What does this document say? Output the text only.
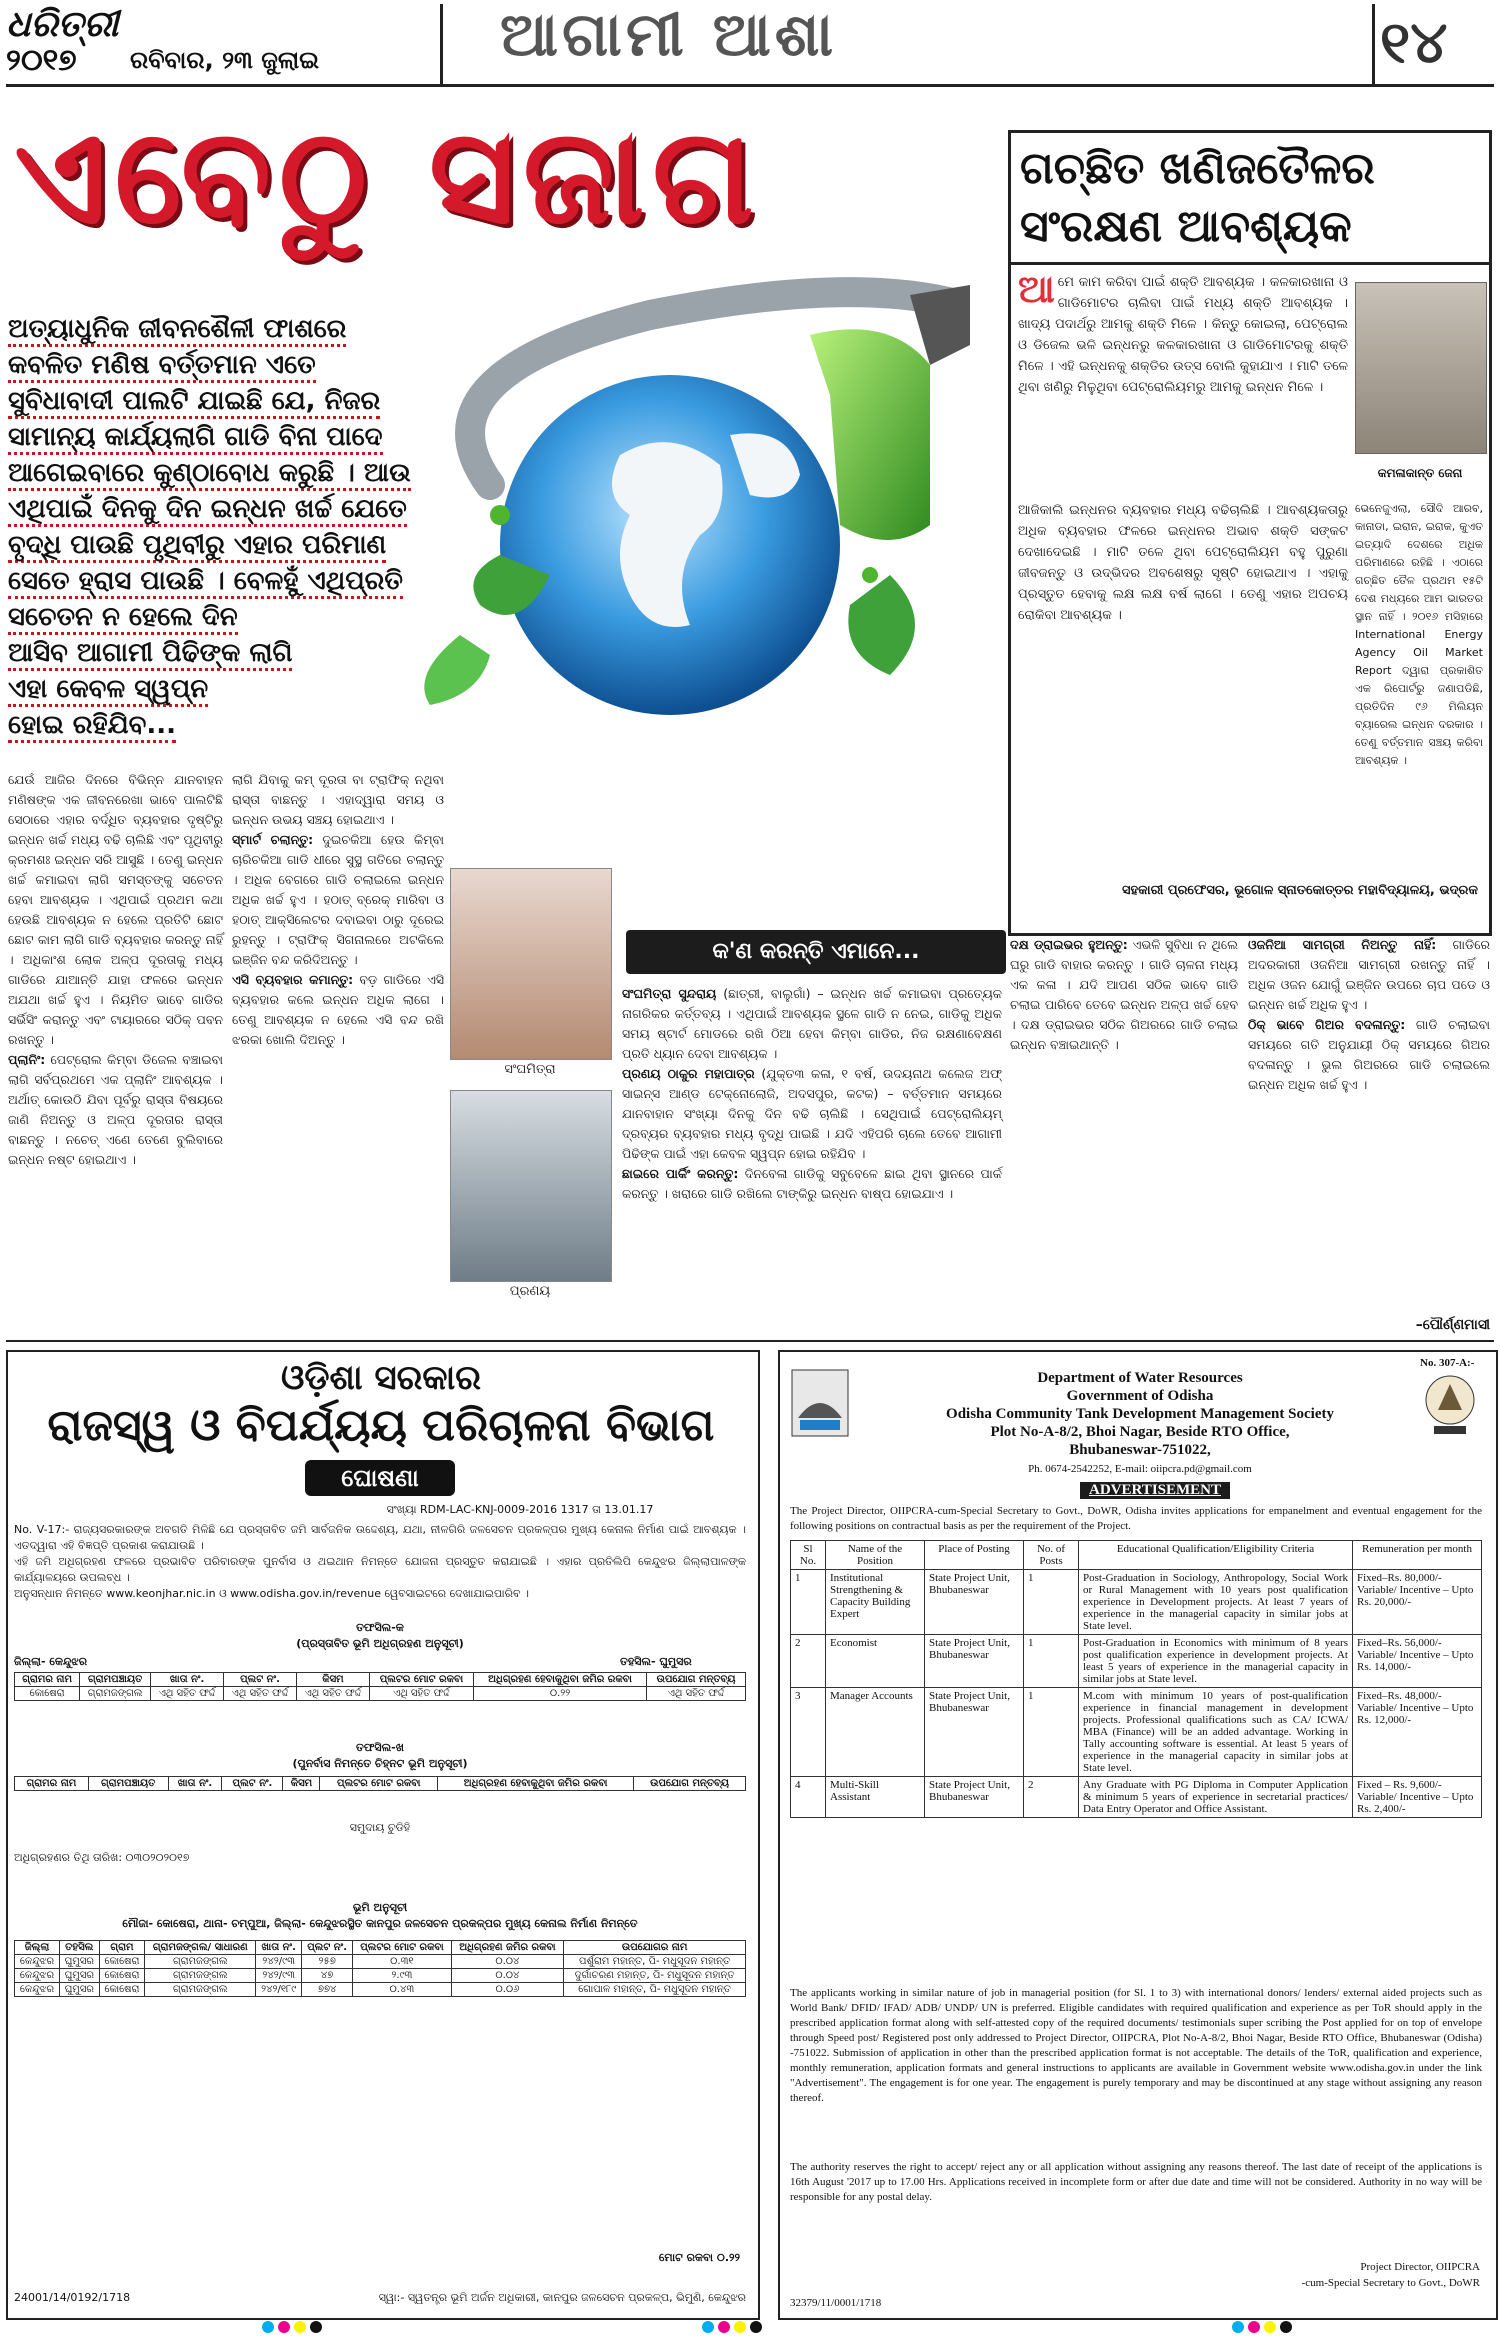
ଧରିତ୍ରୀ
୨୦୧୭	ରବିବାର, ୨୩ ଜୁଲାଇ	ଆଗାମୀ ଆଶା	୧୪
ଏବେଠୁ ସଜାଗ
ଅତ୍ୟାଧୁନିକ ଜୀବନଶୈଳୀ ଫାଶରେ
କବଳିତ ମଣିଷ ବର୍ତ୍ତମାନ ଏତେ
ସୁବିଧାବାଦୀ ପାଲଟି ଯାଇଛି ଯେ, ନିଜର
ସାମାନ୍ୟ କାର୍ଯ୍ୟଲାଗି ଗାଡି ବିନା ପାଦେ
ଆଗେଇବାରେ କୁଣ୍ଠାବୋଧ କରୁଛି । ଆଉ
ଏଥିପାଇଁ ଦିନକୁ ଦିନ ଇନ୍ଧନ ଖର୍ଚ୍ଚ ଯେତେ
ବୃଦ୍ଧି ପାଉଛି ପୃଥିବୀରୁ ଏହାର ପରିମାଣ
ସେତେ ହ୍ରାସ ପାଉଛି । ବେଳହୁଁ ଏଥିପ୍ରତି
ସଚେତନ ନ ହେଲେ ଦିନ
ଆସିବ ଆଗାମୀ ପିଢିଙ୍କ ଲାଗି
ଏହା କେବଳ ସ୍ୱପ୍ନ
ହୋଇ ରହିଯିବ...
ଗଚ୍ଛିତ ଖଣିଜତୈଳର
ସଂରକ୍ଷଣ ଆବଶ୍ୟକ
ଆମେ କାମ କରିବା ପାଇଁ ଶକ୍ତି ଆବଶ୍ୟକ । କଳକାରଖାନା ଓ ଗାଡିମୋଟର ଚାଲିବା ପାଇଁ ମଧ୍ୟ ଶକ୍ତି ଆବଶ୍ୟକ । ଖାଦ୍ୟ ପଦାର୍ଥରୁ ଆମକୁ ଶକ୍ତି ମିଳେ । କିନ୍ତୁ କୋଇଲା, ପେଟ୍ରୋଲ ଓ ଡିଜେଲ ଭଳି ଇନ୍ଧନରୁ କଳକାରଖାନା ଓ ଗାଡିମୋଟରକୁ ଶକ୍ତି ମିଳେ । ଏହି ଇନ୍ଧନକୁ ଶକ୍ତିର ଉତ୍ସ ବୋଲି କୁହାଯାଏ । ମାଟି ତଳେ ଥିବା ଖଣିରୁ ମିଳୁଥିବା ପେଟ୍ରୋଲିୟମରୁ ଆମକୁ ଇନ୍ଧନ ମିଳେ ।
କମଳାକାନ୍ତ ଜେନା
ଆଜିକାଲି ଇନ୍ଧନର ବ୍ୟବହାର ମଧ୍ୟ ବଢିଚାଲିଛି । ଆବଶ୍ୟକତାରୁ ଅଧିକ ବ୍ୟବହାର ଫଳରେ ଇନ୍ଧନର ଅଭାବ ଶକ୍ତି ସଙ୍କଟ ଦେଖାଦେଇଛି । ମାଟି ତଳେ ଥିବା ପେଟ୍ରୋଲିୟମ ବହୁ ପୁରୁଣା ଜୀବଜନ୍ତୁ ଓ ଉଦ୍ଭିଦର ଅବଶେଷରୁ ସୃଷ୍ଟି ହୋଇଥାଏ । ଏହାକୁ ପ୍ରସ୍ତୁତ ହେବାକୁ ଲକ୍ଷ ଲକ୍ଷ ବର୍ଷ ଲାଗେ । ତେଣୁ ଏହାର ଅପଚୟ ରୋକିବା ଆବଶ୍ୟକ ।
ଭେନେଜୁଏଲା, ସୌଦି ଆରବ, କାନାଡା, ଇରାନ, ଇରାକ, କୁଏତ ଇତ୍ୟାଦି ଦେଶରେ ଅଧିକ ପରିମାଣରେ ରହିଛି । ଏଠାରେ ଗଚ୍ଛିତ ତୈଳ ପ୍ରଥମ ୧୫ଟି ଦେଶ ମଧ୍ୟରେ ଆମ ଭାରତର ସ୍ଥାନ ନାହିଁ । ୨୦୧୬ ମସିହାରେ International Energy Agency Oil Market Report ଦ୍ୱାରା ପ୍ରକାଶିତ ଏକ ରିପୋର୍ଟରୁ ଜଣାପଡିଛି, ପ୍ରତିଦିନ ୯୬ ମିଲିୟନ ବ୍ୟାରେଲ ଇନ୍ଧନ ଦରକାର । ତେଣୁ ବର୍ତ୍ତମାନ ସଞ୍ଚୟ କରିବା ଆବଶ୍ୟକ ।
ସହକାରୀ ପ୍ରଫେସର, ଭୂଗୋଳ ସ୍ନାତକୋତ୍ତର ମହାବିଦ୍ୟାଳୟ, ଭଦ୍ରକ
ଯେଉଁ ଆଜିର ଦିନରେ ବିଭିନ୍ନ ଯାନବାହନ ମଣିଷଙ୍କ ଏକ ଜୀବନରେଖା ଭାବେ ପାଲଟିଛି ସେଠାରେ ଏହାର ବର୍ଦ୍ଧିତ ବ୍ୟବହାର ଦୃଷ୍ଟିରୁ ଇନ୍ଧନ ଖର୍ଚ୍ଚ ମଧ୍ୟ ବଢି ଚାଲିଛି ଏବଂ ପୃଥିବୀରୁ କ୍ରମଶଃ ଇନ୍ଧନ ସରି ଆସୁଛି । ତେଣୁ ଇନ୍ଧନ ଖର୍ଚ୍ଚ କମାଇବା ଲାଗି ସମସ୍ତଙ୍କୁ ସଚେତନ ହେବା ଆବଶ୍ୟକ । ଏଥିପାଇଁ ପ୍ରଥମ କଥା ହେଉଛି ଆବଶ୍ୟକ ନ ହେଲେ ପ୍ରତିଟି ଛୋଟ ଛୋଟ କାମ ଲାଗି ଗାଡି ବ୍ୟବହାର କରନ୍ତୁ ନାହିଁ । ଅଧିକାଂଶ ଲୋକ ଅଳ୍ପ ଦୂରତାକୁ ମଧ୍ୟ ଗାଡିରେ ଯାଆନ୍ତି ଯାହା ଫଳରେ ଇନ୍ଧନ ଅଯଥା ଖର୍ଚ୍ଚ ହୁଏ । ନିୟମିତ ଭାବେ ଗାଡିର ସର୍ଭିସିଂ କରାନ୍ତୁ ଏବଂ ଟାୟାରରେ ସଠିକ୍ ପବନ ରଖନ୍ତୁ ।
ପ୍ଲାନିଂ: ପେଟ୍ରୋଲ କିମ୍ବା ଡିଜେଲ ବଞ୍ଚାଇବା ଲାଗି ସର୍ବପ୍ରଥମେ ଏକ ପ୍ଲାନିଂ ଆବଶ୍ୟକ । ଅର୍ଥାତ୍ କୋଉଠି ଯିବା ପୂର୍ବରୁ ରାସ୍ତା ବିଷୟରେ ଜାଣି ନିଅନ୍ତୁ ଓ ଅଳ୍ପ ଦୂରତାର ରାସ୍ତା ବାଛନ୍ତୁ । ନଚେତ୍ ଏଣେ ତେଣେ ବୁଲିବାରେ ଇନ୍ଧନ ନଷ୍ଟ ହୋଇଥାଏ ।
ଲାଗି ଯିବାକୁ କମ୍ ଦୂରତା ବା ଟ୍ରାଫିକ୍ ନଥିବା ରାସ୍ତା ବାଛନ୍ତୁ । ଏହାଦ୍ୱାରା ସମୟ ଓ ଇନ୍ଧନ ଉଭୟ ସଞ୍ଚୟ ହୋଇଥାଏ ।
ସ୍ମାର୍ଟ ଚଲାନ୍ତୁ: ଦୁଇଚକିଆ ହେଉ କିମ୍ବା ଚାରିଚକିଆ ଗାଡି ଧୀରେ ସୁସ୍ଥ ଗତିରେ ଚଲାନ୍ତୁ । ଅଧିକ ବେଗରେ ଗାଡି ଚଲାଇଲେ ଇନ୍ଧନ ଅଧିକ ଖର୍ଚ୍ଚ ହୁଏ । ହଠାତ୍ ବ୍ରେକ୍ ମାରିବା ଓ ହଠାତ୍ ଆକ୍ସିଲେଟର ଦବାଇବା ଠାରୁ ଦୂରେଇ ରୁହନ୍ତୁ । ଟ୍ରାଫିକ୍ ସିଗନାଲରେ ଅଟକିଲେ ଇଞ୍ଜିନ ବନ୍ଦ କରିଦିଅନ୍ତୁ ।
ଏସି ବ୍ୟବହାର କମାନ୍ତୁ: ବଡ଼ ଗାଡିରେ ଏସି ବ୍ୟବହାର କଲେ ଇନ୍ଧନ ଅଧିକ ଲାଗେ । ତେଣୁ ଆବଶ୍ୟକ ନ ହେଲେ ଏସି ବନ୍ଦ ରଖି ଝରକା ଖୋଲି ଦିଅନ୍ତୁ ।
ସଂଘମିତ୍ରା
ପ୍ରଣୟ
କ'ଣ କରନ୍ତି ଏମାନେ...
ସଂଘମିତ୍ରା ସୁନ୍ଦରାୟ (ଛାତ୍ରୀ, ବାଲୁଗାଁ) – ଇନ୍ଧନ ଖର୍ଚ୍ଚ କମାଇବା ପ୍ରତ୍ୟେକ ନାଗରିକର କର୍ତ୍ତବ୍ୟ । ଏଥିପାଇଁ ଆବଶ୍ୟକ ସ୍ଥଳେ ଗାଡି ନ ନେଇ, ଗାଡିକୁ ଅଧିକ ସମୟ ଷ୍ଟାର୍ଟ ମୋଡରେ ରଖି ଠିଆ ହେବା କିମ୍ବା ଗାଡିର, ନିଜ ରକ୍ଷଣାବେକ୍ଷଣ ପ୍ରତି ଧ୍ୟାନ ଦେବା ଆବଶ୍ୟକ ।
ପ୍ରଣୟ ଠାକୁର ମହାପାତ୍ର (ଯୁକ୍ତ୩ କଳା, ୧ ବର୍ଷ, ଉଦୟନାଥ କଲେଜ ଅଫ୍ ସାଇନ୍ସ ଆଣ୍ଡ ଟେକ୍ନୋଲୋଜି, ଅଦସପୁର, କଟକ) – ବର୍ତ୍ତମାନ ସମୟରେ ଯାନବାହାନ ସଂଖ୍ୟା ଦିନକୁ ଦିନ ବଢି ଚାଲିଛି । ସେଥିପାଇଁ ପେଟ୍ରୋଲିୟମ୍ ଦ୍ରବ୍ୟର ବ୍ୟବହାର ମଧ୍ୟ ବୃଦ୍ଧି ପାଇଛି । ଯଦି ଏହିପରି ଚାଲେ ତେବେ ଆଗାମୀ ପିଢିଙ୍କ ପାଇଁ ଏହା କେବଳ ସ୍ୱପ୍ନ ହୋଇ ରହିଯିବ ।
ଛାଇରେ ପାର୍କିଂ କରନ୍ତୁ: ଦିନବେଳା ଗାଡିକୁ ସବୁବେଳେ ଛାଇ ଥିବା ସ୍ଥାନରେ ପାର୍କ କରନ୍ତୁ । ଖରାରେ ଗାଡି ରଖିଲେ ଟାଙ୍କିରୁ ଇନ୍ଧନ ବାଷ୍ପ ହୋଇଯାଏ ।
ଦକ୍ଷ ଡ୍ରାଇଭର ହୁଅନ୍ତୁ: ଏଭଳି ସୁବିଧା ନ ଥିଲେ ଘରୁ ଗାଡି ବାହାର କରନ୍ତୁ । ଗାଡି ଚାଳନା ମଧ୍ୟ ଏକ କଳା । ଯଦି ଆପଣ ସଠିକ ଭାବେ ଗାଡି ଚଲାଇ ପାରିବେ ତେବେ ଇନ୍ଧନ ଅଳ୍ପ ଖର୍ଚ୍ଚ ହେବ । ଦକ୍ଷ ଡ୍ରାଇଭର ସଠିକ ଗିଅରରେ ଗାଡି ଚଲାଇ ଇନ୍ଧନ ବଞ୍ଚାଇଥାନ୍ତି ।
ଓଜନିଆ ସାମଗ୍ରୀ ନିଅନ୍ତୁ ନାହିଁ: ଗାଡିରେ ଅଦରକାରୀ ଓଜନିଆ ସାମଗ୍ରୀ ରଖନ୍ତୁ ନାହିଁ । ଅଧିକ ଓଜନ ଯୋଗୁଁ ଇଞ୍ଜିନ ଉପରେ ଚାପ ପଡେ ଓ ଇନ୍ଧନ ଖର୍ଚ୍ଚ ଅଧିକ ହୁଏ ।
ଠିକ୍ ଭାବେ ଗିଅର ବଦଳାନ୍ତୁ: ଗାଡି ଚଲାଇବା ସମୟରେ ଗତି ଅନୁଯାୟୀ ଠିକ୍ ସମୟରେ ଗିଅର ବଦଳାନ୍ତୁ । ଭୁଲ ଗିଅରରେ ଗାଡି ଚଲାଇଲେ ଇନ୍ଧନ ଅଧିକ ଖର୍ଚ୍ଚ ହୁଏ ।
–ପୌର୍ଣ୍ଣମାସୀ
ଓଡ଼ିଶା ସରକାର
ରାଜସ୍ୱ ଓ ବିପର୍ଯ୍ୟୟ ପରିଚାଳନା ବିଭାଗ
ଘୋଷଣା
ସଂଖ୍ୟା RDM-LAC-KNJ-0009-2016 1317 ତା 13.01.17
No. V-17:- ରାଜ୍ୟସରକାରଙ୍କ ଅବଗତି ମିଳିଛି ଯେ ପ୍ରସ୍ତାବିତ ଜମି ସାର୍ବଜନିକ ଉଦ୍ଦେଶ୍ୟ, ଯଥା, ନୀଳଗିରି ଜଳସେଚନ ପ୍ରକଳ୍ପର ମୁଖ୍ୟ କେନାଲ ନିର୍ମାଣ ପାଇଁ ଆବଶ୍ୟକ । ଏତଦ୍ୱାରା ଏହି ବିଜ୍ଞପ୍ତି ପ୍ରକାଶ କରାଯାଉଛି ।
ଏହି ଜମି ଅଧିଗ୍ରହଣ ଫଳରେ ପ୍ରଭାବିତ ପରିବାରଙ୍କ ପୁନର୍ବାସ ଓ ଥଇଥାନ ନିମନ୍ତେ ଯୋଜନା ପ୍ରସ୍ତୁତ କରାଯାଇଛି । ଏହାର ପ୍ରତିଲିପି କେନ୍ଦୁଝର ଜିଲ୍ଲାପାଳଙ୍କ କାର୍ଯ୍ୟାଳୟରେ ଉପଲବ୍ଧ ।
ଅନୁସନ୍ଧାନ ନିମନ୍ତେ www.keonjhar.nic.in ଓ www.odisha.gov.in/revenue ୱେବସାଇଟରେ ଦେଖାଯାଇପାରିବ ।
ତଫସିଲ-କ
(ପ୍ରସ୍ତାବିତ ଭୂମି ଅଧିଗ୍ରହଣ ଅନୁସୂଚୀ)
ଜିଲ୍ଲା- କେନ୍ଦୁଝର	ତହସିଲ- ଘୁମୁସର
ଗ୍ରାମର ନାମ	ଗ୍ରାମପଞ୍ଚାୟତ	ଖାତା ନଂ.	ପ୍ଲଟ ନଂ.	କିସମ	ପ୍ଲଟର ମୋଟ ରକବା	ଅଧିଗ୍ରହଣ ହେବାକୁଥିବା ଜମିର ରକବା	ଉପଯୋଗ ମନ୍ତବ୍ୟ
କୋଷେରା	ଗ୍ରାମଜଙ୍ଗଲ	ଏଥି ସହିତ ଫର୍ଦ୍ଦ	ଏଥି ସହିତ ଫର୍ଦ୍ଦ	ଏଥି ସହିତ ଫର୍ଦ୍ଦ	ଏଥି ସହିତ ଫର୍ଦ୍ଦ	୦.୨୨	ଏଥି ସହିତ ଫର୍ଦ୍ଦ
ତଫସିଲ-ଖ
(ପୁନର୍ବାସ ନିମନ୍ତେ ଚିହ୍ନଟ ଭୂମି ଅନୁସୂଚୀ)
ଗ୍ରାମର ନାମ	ଗ୍ରାମପଞ୍ଚାୟତ	ଖାତା ନଂ.	ପ୍ଲଟ ନଂ.	କିସମ	ପ୍ଲଟର ମୋଟ ରକବା	ଅଧିଗ୍ରହଣ ହେବାକୁଥିବା ଜମିର ରକବା	ଉପଯୋଗ ମନ୍ତବ୍ୟ
ସମୁଦାୟ ଚୁଡିହି
ଅଧିଗ୍ରହଣର ତିଥି ତାରିଖ: ୦୩୦୨୦୨୦୧୭
ଭୂମି ଅନୁସୂଚୀ
ମୌଜା- କୋଷେରା, ଥାନା- ଚମ୍ପୁଆ, ଜିଲ୍ଲା- କେନ୍ଦୁଝରସ୍ଥିତ କାନପୁର ଜଳସେଚନ ପ୍ରକଳ୍ପର ମୁଖ୍ୟ କେନାଲ ନିର୍ମାଣ ନିମନ୍ତେ
ଜିଲ୍ଲା	ତହସିଲ	ଗ୍ରାମ	ଗ୍ରାମଜଙ୍ଗଲ/ ସାଧାରଣ	ଖାତା ନଂ.	ପ୍ଲଟ ନଂ.	ପ୍ଲଟର ମୋଟ ରକବା	ଅଧିଗ୍ରହଣ ଜମିର ରକବା	ଉପଯୋଗର ନାମ
କେନ୍ଦୁଝର	ଘୁମୁସର	କୋଷେରା	ଗ୍ରାମଜଙ୍ଗଲ	୨୪୨/୯୩	୨୫୭	୦.୩୧	୦.୦୪	ପର୍ଶୁରାମ ମହାନ୍ତ, ପି- ମଧୁସୂଦନ ମହାନ୍ତ
କେନ୍ଦୁଝର	ଘୁମୁସର	କୋଷେରା	ଗ୍ରାମଜଙ୍ଗଲ	୨୪୨/୯୩	୪୭	୨.୯୩	୦.୦୪	ଦୁର୍ଗାଚରଣ ମହାନ୍ତ, ପି- ମଧୁସୂଦନ ମହାନ୍ତ
କେନ୍ଦୁଝର	ଘୁମୁସର	କୋଷେରା	ଗ୍ରାମଜଙ୍ଗଲ	୨୪୨/୧୮୯	୭୭୪	୦.୪୩	୦.୦୬	ଗୋପାଳ ମହାନ୍ତ, ପି- ମଧୁସୂଦନ ମହାନ୍ତ
ମୋଟ ରକବା ୦.୨୨
24001/14/0192/1718	ସ୍ୱା:- ସ୍ୱତନ୍ତ୍ର ଭୂମି ଅର୍ଜନ ଅଧିକାରୀ, କାନପୁର ଜଳସେଚନ ପ୍ରକଳ୍ପ, ଭିମୁଣି, କେନ୍ଦୁଝର
No. 307-A:-
Department of Water Resources
Government of Odisha
Odisha Community Tank Development Management Society
Plot No-A-8/2, Bhoi Nagar, Beside RTO Office,
Bhubaneswar-751022,
Ph. 0674-2542252, E-mail: oiipcra.pd@gmail.com
ADVERTISEMENT
The Project Director, OIIPCRA-cum-Special Secretary to Govt., DoWR, Odisha invites applications for empanelment and eventual engagement for the following positions on contractual basis as per the requirement of the Project.
Sl No.	Name of the Position	Place of Posting	No. of Posts	Educational Qualification/Eligibility Criteria	Remuneration per month
1	Institutional Strengthening & Capacity Building Expert	State Project Unit, Bhubaneswar	1	Post-Graduation in Sociology, Anthropology, Social Work or Rural Management with 10 years post qualification experience in Development projects. At least 7 years of experience in the managerial capacity in similar jobs at State level.	Fixed–Rs. 80,000/- Variable/ Incentive – Upto Rs. 20,000/-
2	Economist	State Project Unit, Bhubaneswar	1	Post-Graduation in Economics with minimum of 8 years post qualification experience in development projects. At least 5 years of experience in the managerial capacity in similar jobs at State level.	Fixed–Rs. 56,000/- Variable/ Incentive – Upto Rs. 14,000/-
3	Manager Accounts	State Project Unit, Bhubaneswar	1	M.com with minimum 10 years of post-qualification experience in financial management in development projects. Professional qualifications such as CA/ ICWA/ MBA (Finance) will be an added advantage. Working in Tally accounting software is essential. At least 5 years of experience in the managerial capacity in similar jobs at State level.	Fixed–Rs. 48,000/- Variable/ Incentive – Upto Rs. 12,000/-
4	Multi-Skill Assistant	State Project Unit, Bhubaneswar	2	Any Graduate with PG Diploma in Computer Application & minimum 5 years of experience in secretarial practices/ Data Entry Operator and Office Assistant.	Fixed – Rs. 9,600/- Variable/ Incentive – Upto Rs. 2,400/-
The applicants working in similar nature of job in managerial position (for Sl. 1 to 3) with international donors/ lenders/ external aided projects such as World Bank/ DFID/ IFAD/ ADB/ UNDP/ UN is preferred. Eligible candidates with required qualification and experience as per ToR should apply in the prescribed application format along with self-attested copy of the required documents/ testimonials super scribing the Post applied for on top of envelope through Speed post/ Registered post only addressed to Project Director, OIIPCRA, Plot No-A-8/2, Bhoi Nagar, Beside RTO Office, Bhubaneswar (Odisha) -751022. Submission of application in other than the prescribed application format is not acceptable. The details of the ToR, qualification and experience, monthly remuneration, application formats and general instructions to applicants are available in Government website www.odisha.gov.in under the link "Advertisement". The engagement is for one year. The engagement is purely temporary and may be discontinued at any stage without assigning any reason thereof.
The authority reserves the right to accept/ reject any or all application without assigning any reasons thereof. The last date of receipt of the applications is 16th August '2017 up to 17.00 Hrs. Applications received in incomplete form or after due date and time will not be considered. Authority in no way will be responsible for any postal delay.
Project Director, OIIPCRA
-cum-Special Secretary to Govt., DoWR
32379/11/0001/1718
